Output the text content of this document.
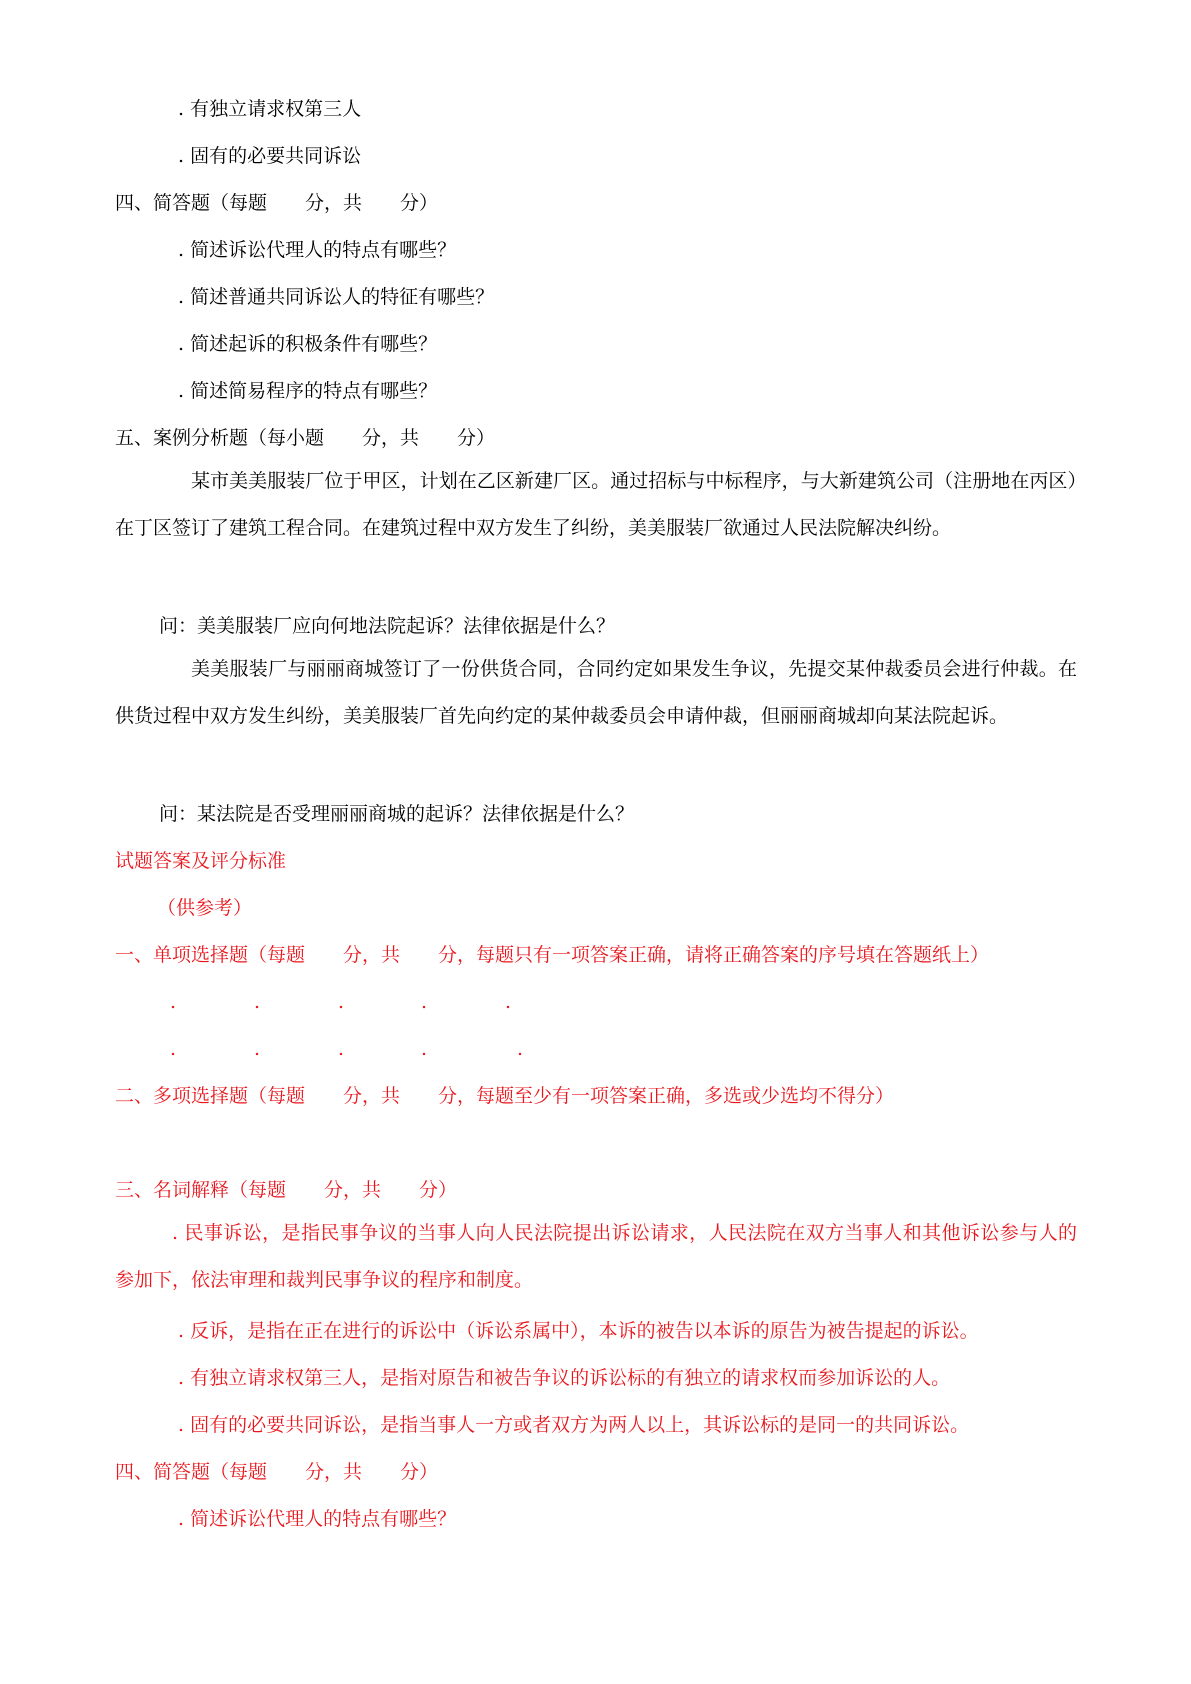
. 有独立请求权第三人
. 固有的必要共同诉讼
四、简答题（每题　　分，共　　分）
. 简述诉讼代理人的特点有哪些？
. 简述普通共同诉讼人的特征有哪些？
. 简述起诉的积极条件有哪些？
. 简述简易程序的特点有哪些？
五、案例分析题（每小题　　分，共　　分）
某市美美服装厂位于甲区，计划在乙区新建厂区。通过招标与中标程序，与大新建筑公司（注册地在丙区）在丁区签订了建筑工程合同。在建筑过程中双方发生了纠纷，美美服装厂欲通过人民法院解决纠纷。
问：美美服装厂应向何地法院起诉？法律依据是什么？
美美服装厂与丽丽商城签订了一份供货合同，合同约定如果发生争议，先提交某仲裁委员会进行仲裁。在供货过程中双方发生纠纷，美美服装厂首先向约定的某仲裁委员会申请仲裁，但丽丽商城却向某法院起诉。
问：某法院是否受理丽丽商城的起诉？法律依据是什么？
试题答案及评分标准
（供参考）
一、单项选择题（每题　　分，共　　分，每题只有一项答案正确，请将正确答案的序号填在答题纸上）
.	.	.	.	.
.	.	.	.	.
二、多项选择题（每题　　分，共　　分，每题至少有一项答案正确，多选或少选均不得分）
三、名词解释（每题　　分，共　　分）
. 民事诉讼，是指民事争议的当事人向人民法院提出诉讼请求，人民法院在双方当事人和其他诉讼参与人的参加下，依法审理和裁判民事争议的程序和制度。
. 反诉，是指在正在进行的诉讼中（诉讼系属中），本诉的被告以本诉的原告为被告提起的诉讼。
. 有独立请求权第三人，是指对原告和被告争议的诉讼标的有独立的请求权而参加诉讼的人。
. 固有的必要共同诉讼，是指当事人一方或者双方为两人以上，其诉讼标的是同一的共同诉讼。
四、简答题（每题　　分，共　　分）
. 简述诉讼代理人的特点有哪些？
